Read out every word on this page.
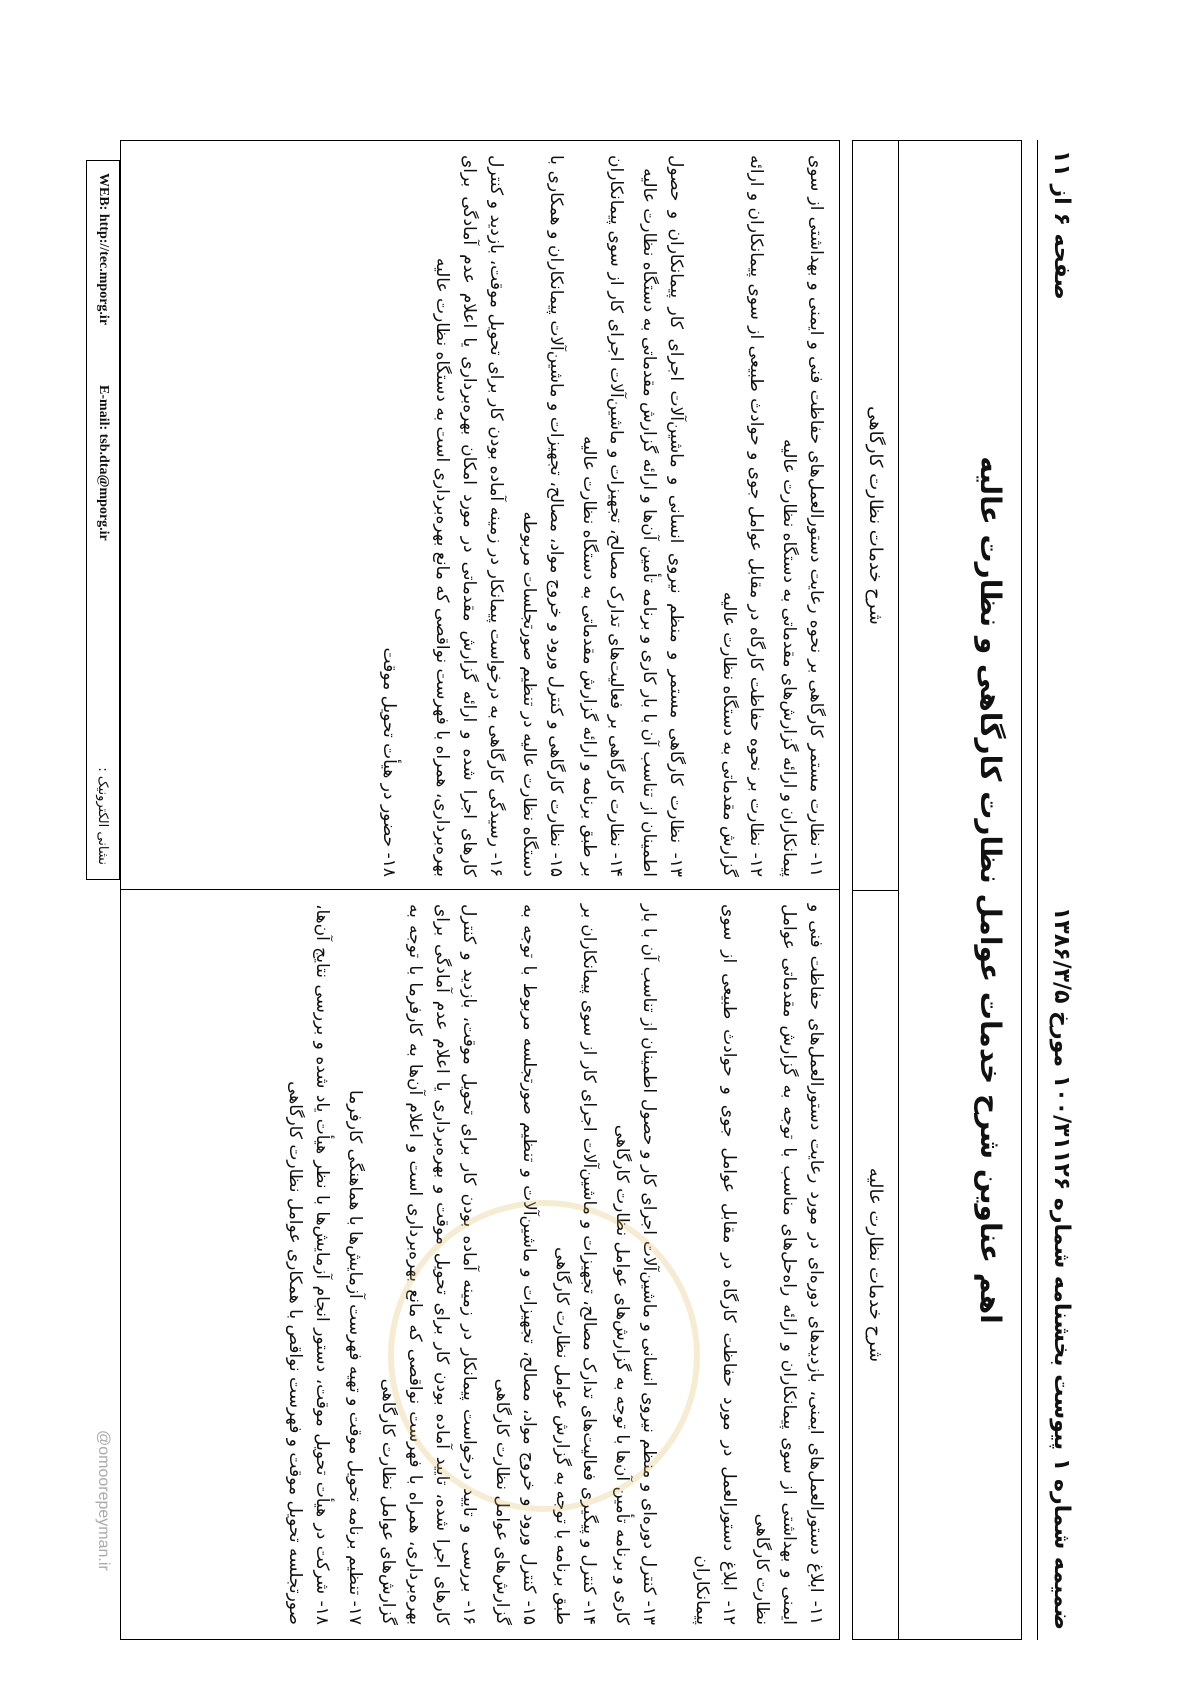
ضمیمه شماره ۱ پیوست بخشنامه شماره ۱۰۰/۳۱۱۲۶ مورخ ۱۳۸۶/۳/۵
صفحه ۶ از ۱۱
اهم عناوین شرح خدمات عوامل نظارت کارگاهی و نظارت عالیه
شرح خدمات نظارت عالیه
شرح خدمات نظارت کارگاهی

۱۱- ابلاغ دستورالعمل‌های ایمنی، بازدیدهای دوره‌ای در مورد رعایت دستورالعمل‌های حفاظت فنی و ایمنی و بهداشتی از سوی پیمانکاران و ارائه راه‌حل‌های مناسب با توجه به گزارش مقدماتی عوامل نظارت کارگاهی

۱۲- ابلاغ دستورالعمل در مورد حفاظت کارگاه در مقابل عوامل جوی و حوادث طبیعی از سوی پیمانکاران

۱۳- کنترل دوره‌ای و منظم نیروی انسانی و ماشین‌آلات اجرای کار و حصول اطمینان از تناسب آن با بار کاری و برنامه تأمین آن‌ها با توجه به گزارش‌های عوامل نظارت کارگاهی

۱۴- کنترل و پیگیری فعالیت‌های تدارک مصالح، تجهیزات و ماشین‌آلات اجرای کار از سوی پیمانکاران بر طبق برنامه با توجه به گزارش عوامل نظارت کارگاهی

۱۵- کنترل ورود و خروج مواد، مصالح، تجهیزات و ماشین‌آلات و تنظیم صورتجلسه مربوط با توجه به گزارش‌های عوامل نظارت کارگاهی

۱۶- بررسی و تایید درخواست پیمانکار در زمینه آماده بودن کار برای تحویل موقت، بازدید و کنترل کارهای اجرا شده، تایید آماده بودن کار برای تحویل موقت و بهره‌برداری یا اعلام عدم آمادگی برای بهره‌برداری، همراه با فهرست نواقصی که مانع بهره‌برداری است و اعلام آن‌ها به کارفرما با توجه به گزارش‌های عوامل نظارت کارگاهی

۱۷- تنظیم برنامه تحویل موقت و تهیه فهرست آزمایش‌ها با هماهنگی کارفرما

۱۸- شرکت در هیأت تحویل موقت، دستور انجام آزمایش‌ها با نظر هیأت یاد شده و بررسی نتایج آن‌ها، صورتجلسه تحویل موقت و فهرست نواقص با همکاری عوامل نظارت کارگاهی

۱۱- نظارت مستمر کارگاهی بر نحوه رعایت دستورالعمل‌های حفاظت فنی و ایمنی و بهداشتی از سوی پیمانکاران و ارائه گزارش‌های مقدماتی به دستگاه نظارت عالیه

۱۲- نظارت بر نحوه حفاظت کارگاه در مقابل عوامل جوی و حوادث طبیعی از سوی پیمانکاران و ارائه گزارش مقدماتی به دستگاه نظارت عالیه

۱۳- نظارت کارگاهی مستمر و منظم نیروی انسانی و ماشین‌آلات اجرای کار پیمانکاران و حصول اطمینان از تناسب آن با بار کاری و برنامه تأمین آن‌ها و ارائه گزارش مقدماتی به دستگاه نظارت عالیه

۱۴- نظارت کارگاهی بر فعالیت‌های تدارک مصالح، تجهیزات و ماشین‌آلات اجرای کار از سوی پیمانکاران بر طبق برنامه و ارائه گزارش مقدماتی به دستگاه نظارت عالیه

۱۵- نظارت کارگاهی و کنترل ورود و خروج مواد، مصالح، تجهیزات و ماشین‌آلات پیمانکاران و همکاری با دستگاه نظارت عالیه در تنظیم صورتجلسات مربوطه

۱۶- رسیدگی کارگاهی به درخواست پیمانکار در زمینه آماده بودن کار برای تحویل موقت، بازدید و کنترل کارهای اجرا شده و ارائه گزارش مقدماتی در مورد امکان بهره‌برداری یا اعلام عدم آمادگی برای بهره‌برداری، همراه با فهرست نواقصی که مانع بهره‌برداری است به دستگاه نظارت عالیه

۱۸- حضور در هیأت تحویل موقت

@omoorepeyman.ir
WEB: http://tec.mporg.ir
E-mail: tsb.dta@mporg.ir
نشانی الکترونیک :
